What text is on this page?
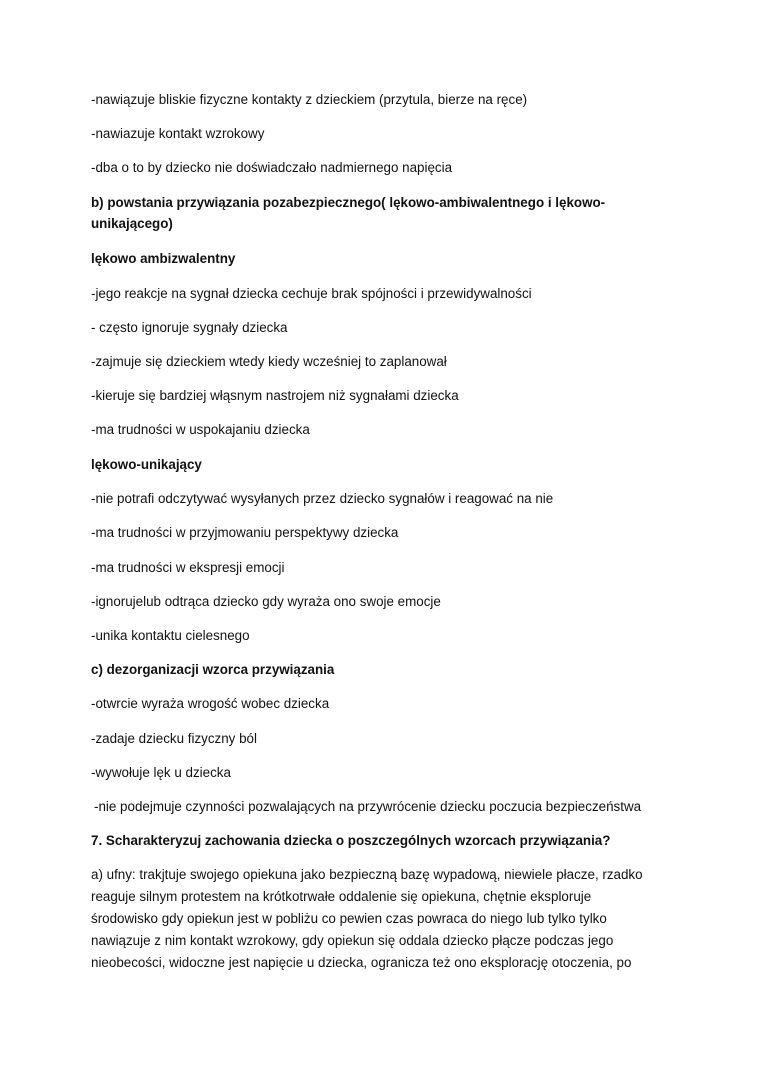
-nawiązuje bliskie fizyczne kontakty z dzieckiem (przytula, bierze na ręce)
-nawiazuje kontakt wzrokowy
-dba o to by dziecko nie doświadczało nadmiernego napięcia
b) powstania przywiązania pozabezpiecznego( lękowo-ambiwalentnego i lękowo-
unikającego)
lękowo ambizwalentny
-jego reakcje na sygnał dziecka cechuje brak spójności i przewidywalności
- często ignoruje sygnały dziecka
-zajmuje się dzieckiem wtedy kiedy wcześniej to zaplanował
-kieruje się bardziej włąsnym nastrojem niż sygnałami dziecka
-ma trudności w uspokajaniu dziecka
lękowo-unikający
-nie potrafi odczytywać wysyłanych przez dziecko sygnałów i reagować na nie
-ma trudności w przyjmowaniu perspektywy dziecka
-ma trudności w ekspresji emocji
-ignorujelub odtrąca dziecko gdy wyraża ono swoje emocje
-unika kontaktu cielesnego
c) dezorganizacji wzorca przywiązania
-otwrcie wyraża wrogość wobec dziecka
-zadaje dziecku fizyczny ból
-wywołuje lęk u dziecka
-nie podejmuje czynności pozwalających na przywrócenie dziecku poczucia bezpieczeństwa
7. Scharakteryzuj zachowania dziecka o poszczególnych wzorcach przywiązania?
a) ufny: trakjtuje swojego opiekuna jako bezpieczną bazę wypadową, niewiele płacze, rzadko
reaguje silnym protestem na krótkotrwałe oddalenie się opiekuna, chętnie eksploruje
środowisko gdy opiekun jest w pobliżu co pewien czas powraca do niego lub tylko tylko
nawiązuje z nim kontakt wzrokowy, gdy opiekun się oddala dziecko płącze podczas jego
nieobecości, widoczne jest napięcie u dziecka, ogranicza też ono eksplorację otoczenia, po
